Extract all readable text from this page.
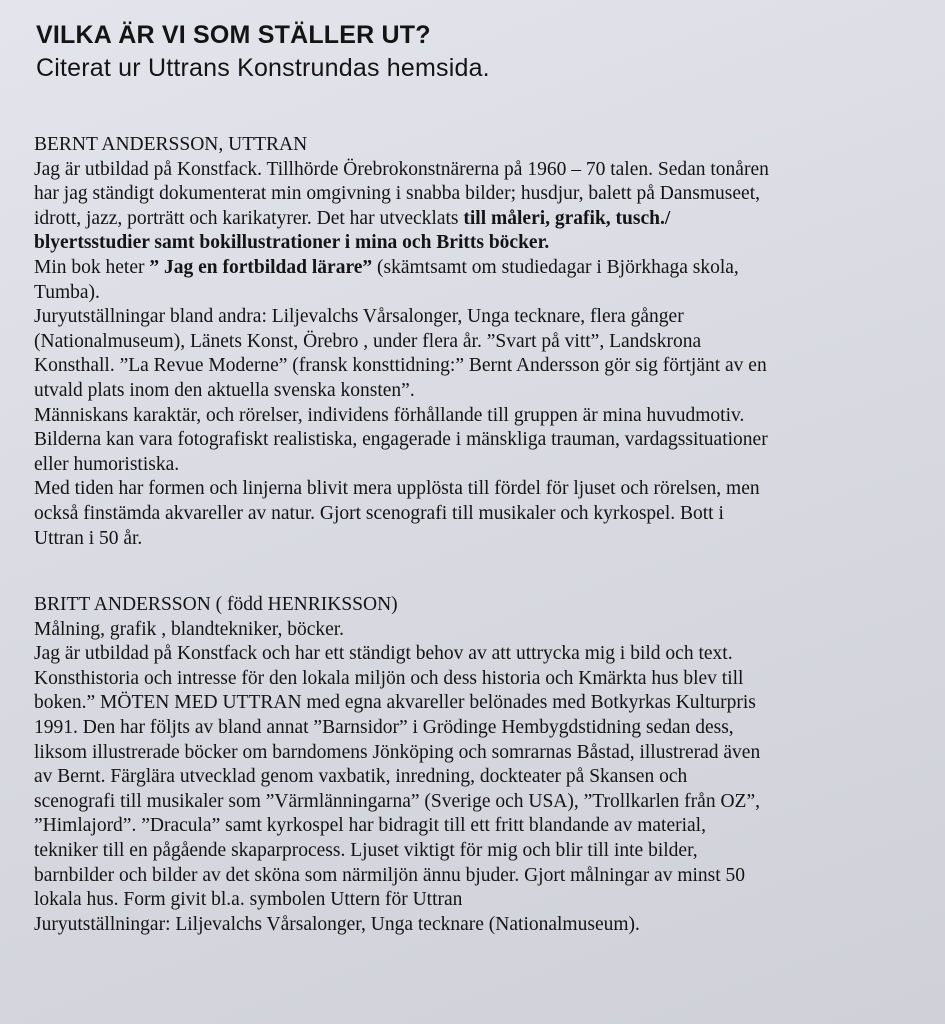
VILKA ÄR VI SOM STÄLLER UT?
Citerat ur Uttrans Konstrundas hemsida.
BERNT ANDERSSON, UTTRAN
Jag är utbildad på Konstfack. Tillhörde Örebrokonstnärerna på 1960 – 70 talen. Sedan tonåren
har jag ständigt dokumenterat min omgivning i snabba bilder; husdjur, balett på Dansmuseet,
idrott, jazz, porträtt och karikatyrer. Det har utvecklats till måleri, grafik, tusch./
blyertsstudier samt bokillustrationer i mina och Britts böcker.
Min bok heter ” Jag en fortbildad lärare” (skämtsamt om studiedagar i Björkhaga skola,
Tumba).
Juryutställningar bland andra: Liljevalchs Vårsalonger, Unga tecknare, flera gånger
(Nationalmuseum), Länets Konst, Örebro , under flera år. ”Svart på vitt”, Landskrona
Konsthall. ”La Revue Moderne” (fransk konsttidning:” Bernt Andersson gör sig förtjänt av en
utvald plats inom den aktuella svenska konsten”.
Människans karaktär, och rörelser, individens förhållande till gruppen är mina huvudmotiv.
Bilderna kan vara fotografiskt realistiska, engagerade i mänskliga trauman, vardagssituationer
eller humoristiska.
Med tiden har formen och linjerna blivit mera upplösta till fördel för ljuset och rörelsen, men
också finstämda akvareller av natur. Gjort scenografi till musikaler och kyrkospel. Bott i
Uttran i 50 år.
BRITT ANDERSSON ( född HENRIKSSON)
Målning, grafik , blandtekniker, böcker.
Jag är utbildad på Konstfack och har ett ständigt behov av att uttrycka mig i bild och text.
Konsthistoria och intresse för den lokala miljön och dess historia och Kmärkta hus blev till
boken.” MÖTEN MED UTTRAN med egna akvareller belönades med Botkyrkas Kulturpris
1991. Den har följts av bland annat ”Barnsidor” i Grödinge Hembygdstidning sedan dess,
liksom illustrerade böcker om barndomens Jönköping och somrarnas Båstad, illustrerad även
av Bernt. Färglära utvecklad genom vaxbatik, inredning, dockteater på Skansen och
scenografi till musikaler som ”Värmlänningarna” (Sverige och USA), ”Trollkarlen från OZ”,
”Himlajord”. ”Dracula” samt kyrkospel har bidragit till ett fritt blandande av material,
tekniker till en pågående skaparprocess. Ljuset viktigt för mig och blir till inte bilder,
barnbilder och bilder av det sköna som närmiljön ännu bjuder. Gjort målningar av minst 50
lokala hus. Form givit bl.a. symbolen Uttern för Uttran
Juryutställningar: Liljevalchs Vårsalonger, Unga tecknare (Nationalmuseum).
